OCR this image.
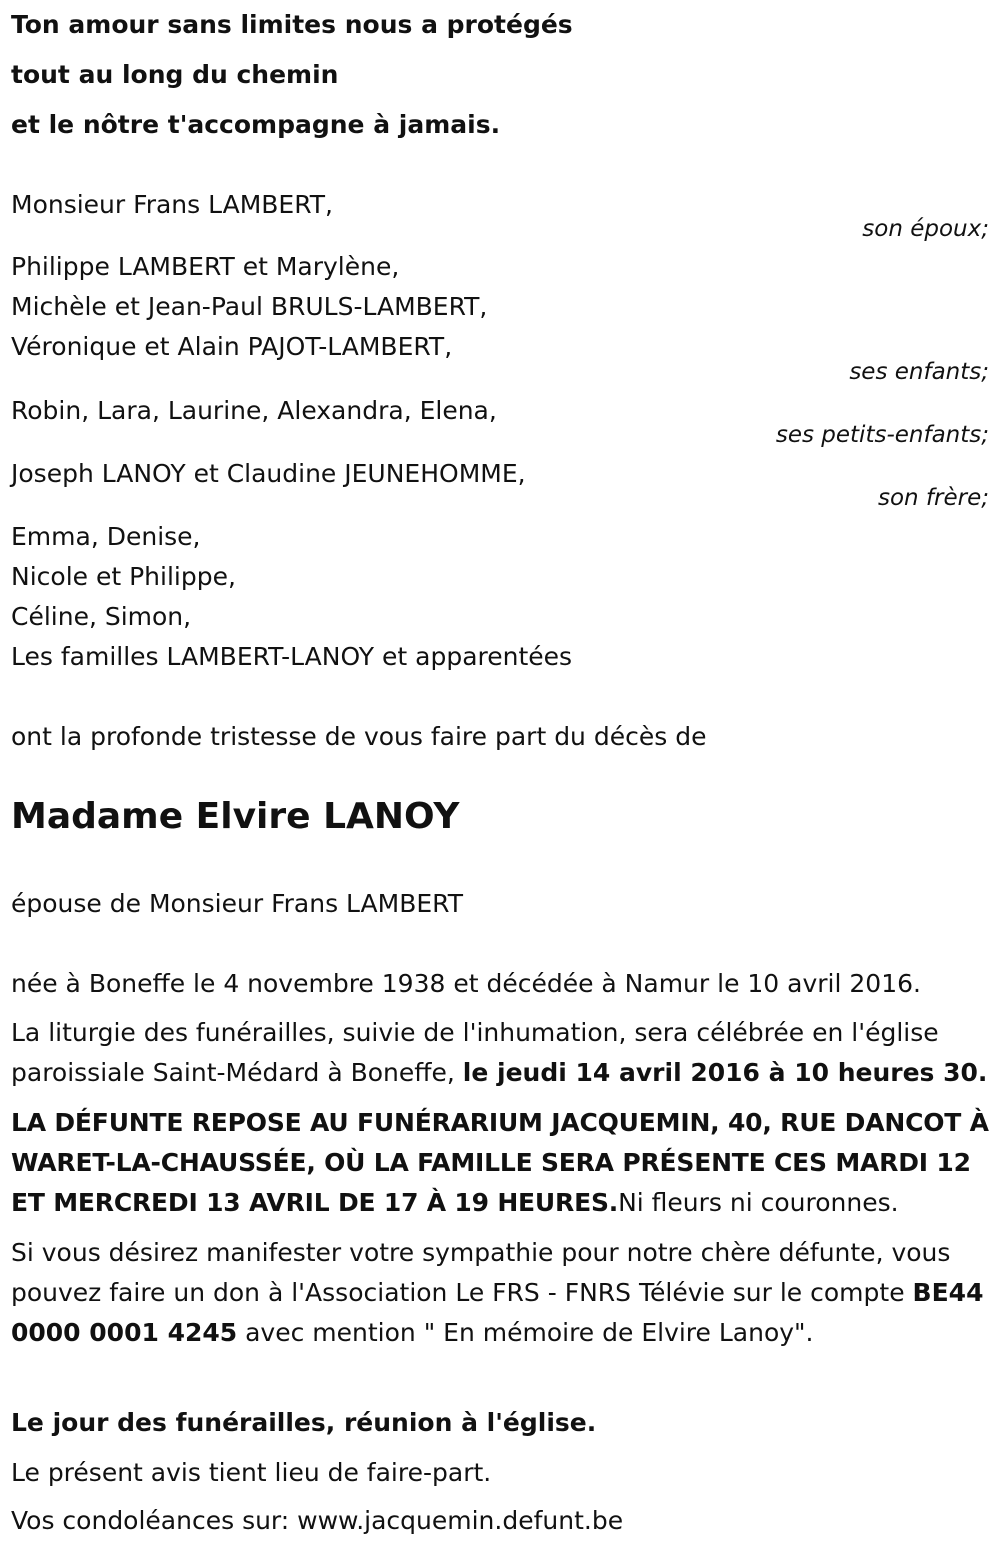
Ton amour sans limites nous a protégés
tout au long du chemin
et le nôtre t'accompagne à jamais.
Monsieur Frans LAMBERT,
son époux;
Philippe LAMBERT et Marylène,
Michèle et Jean-Paul BRULS-LAMBERT,
Véronique et Alain PAJOT-LAMBERT,
ses enfants;
Robin, Lara, Laurine, Alexandra, Elena,
ses petits-enfants;
Joseph LANOY et Claudine JEUNEHOMME,
son frère;
Emma, Denise,
Nicole et Philippe,
Céline, Simon,
Les familles LAMBERT-LANOY et apparentées
ont la profonde tristesse de vous faire part du décès de
Madame Elvire LANOY
épouse de Monsieur Frans LAMBERT
née à Boneffe le 4 novembre 1938 et décédée à Namur le 10 avril 2016.
La liturgie des funérailles, suivie de l'inhumation, sera célébrée en l'église paroissiale Saint-Médard à Boneffe, le jeudi 14 avril 2016 à 10 heures 30.
LA DÉFUNTE REPOSE AU FUNÉRARIUM JACQUEMIN, 40, RUE DANCOT À WARET-LA-CHAUSSÉE, OÙ LA FAMILLE SERA PRÉSENTE CES MARDI 12 ET MERCREDI 13 AVRIL DE 17 À 19 HEURES.Ni fleurs ni couronnes.
Si vous désirez manifester votre sympathie pour notre chère défunte, vous pouvez faire un don à l'Association Le FRS - FNRS Télévie sur le compte BE44 0000 0001 4245 avec mention " En mémoire de Elvire Lanoy".
Le jour des funérailles, réunion à l'église.
Le présent avis tient lieu de faire-part.
Vos condoléances sur: www.jacquemin.defunt.be
